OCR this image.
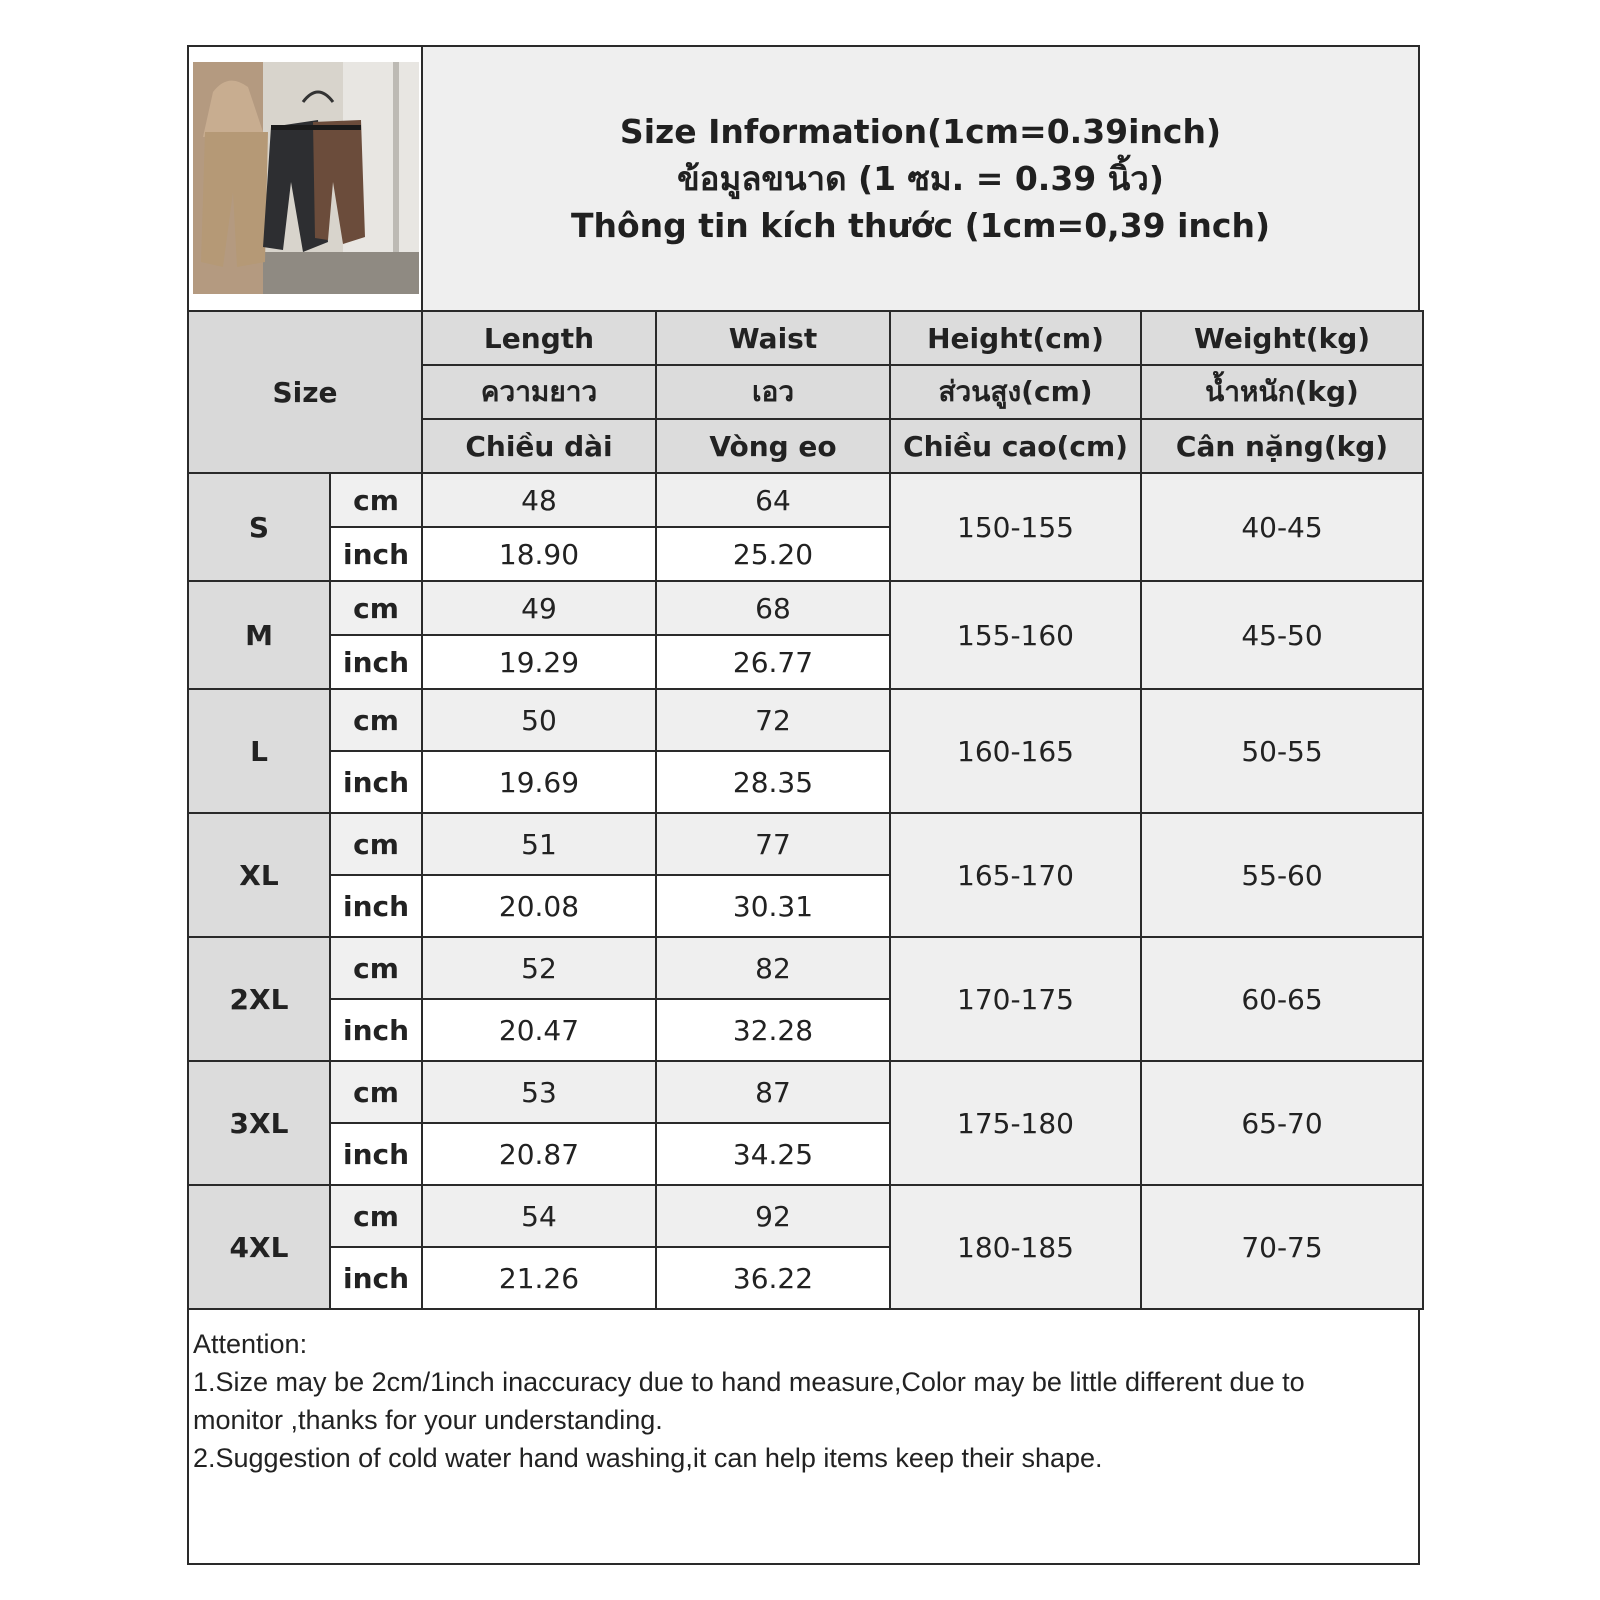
Size Information(1cm=0.39inch)
ข้อมูลขนาด (1 ซม. = 0.39 นิ้ว)
Thông tin kích thước (1cm=0,39 inch)
Size		Length	Waist	Height(cm)	Weight(kg)
		ความยาว	เอว	ส่วนสูง(cm)	น้ำหนัก(kg)
		Chiều dài	Vòng eo	Chiều cao(cm)	Cân nặng(kg)
S	cm	48	64	150-155	40-45
	inch	18.90	25.20		
M	cm	49	68	155-160	45-50
	inch	19.29	26.77		
L	cm	50	72	160-165	50-55
	inch	19.69	28.35		
XL	cm	51	77	165-170	55-60
	inch	20.08	30.31		
2XL	cm	52	82	170-175	60-65
	inch	20.47	32.28		
3XL	cm	53	87	175-180	65-70
	inch	20.87	34.25		
4XL	cm	54	92	180-185	70-75
	inch	21.26	36.22		
Attention:
1.Size may be 2cm/1inch inaccuracy due to hand measure,Color may be little different due to monitor ,thanks for your understanding.
2.Suggestion of cold water hand washing,it can help items keep their shape.
